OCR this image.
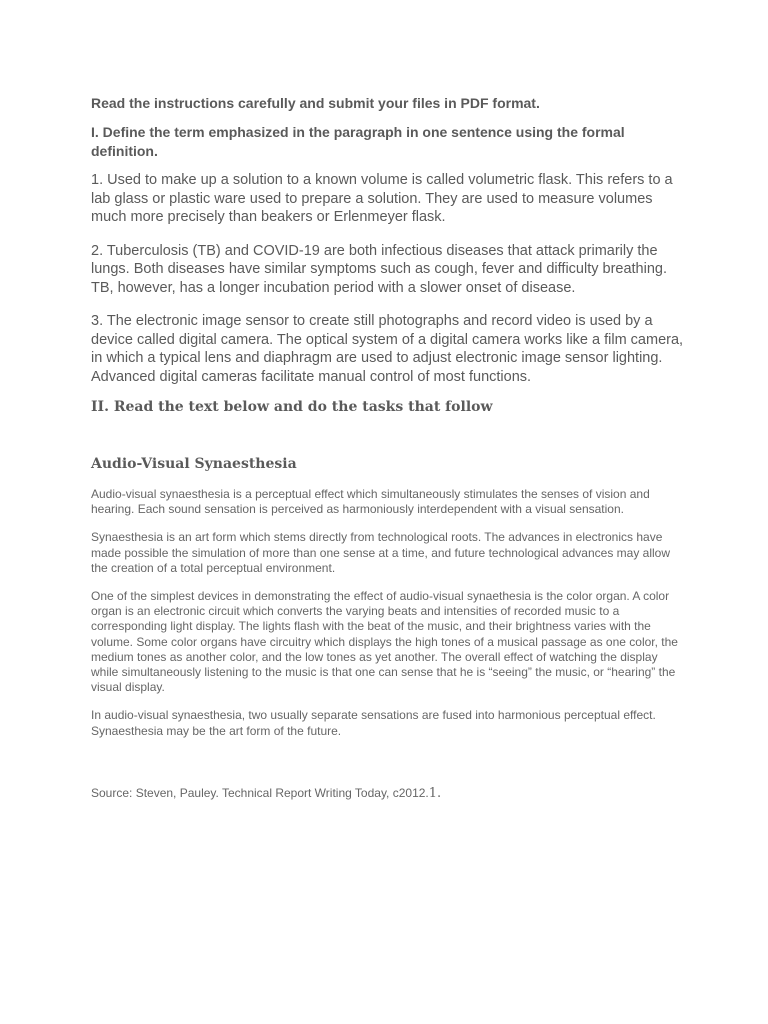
Read the instructions carefully and submit your files in PDF format.

I. Define the term emphasized in the paragraph in one sentence using the formal definition.

1. Used to make up a solution to a known volume is called volumetric flask. This refers to a lab glass or plastic ware used to prepare a solution. They are used to measure volumes much more precisely than beakers or Erlenmeyer flask.

2. Tuberculosis (TB) and COVID-19 are both infectious diseases that attack primarily the lungs. Both diseases have similar symptoms such as cough, fever and difficulty breathing. TB, however, has a longer incubation period with a slower onset of disease.

3. The electronic image sensor to create still photographs and record video is used by a device called digital camera. The optical system of a digital camera works like a film camera, in which a typical lens and diaphragm are used to adjust electronic image sensor lighting. Advanced digital cameras facilitate manual control of most functions.

II. Read the text below and do the tasks that follow
Audio-Visual Synaesthesia

Audio-visual synaesthesia is a perceptual effect which simultaneously stimulates the senses of vision and hearing. Each sound sensation is perceived as harmoniously interdependent with a visual sensation.

Synaesthesia is an art form which stems directly from technological roots. The advances in electronics have made possible the simulation of more than one sense at a time, and future technological advances may allow the creation of a total perceptual environment.

One of the simplest devices in demonstrating the effect of audio-visual synaethesia is the color organ. A color organ is an electronic circuit which converts the varying beats and intensities of recorded music to a corresponding light display. The lights flash with the beat of the music, and their brightness varies with the volume. Some color organs have circuitry which displays the high tones of a musical passage as one color, the medium tones as another color, and the low tones as yet another. The overall effect of watching the display while simultaneously listening to the music is that one can sense that he is “seeing” the music, or “hearing” the visual display.

In audio-visual synaesthesia, two usually separate sensations are fused into harmonious perceptual effect. Synaesthesia may be the art form of the future.

Source: Steven, Pauley. Technical Report Writing Today, c2012.1.
